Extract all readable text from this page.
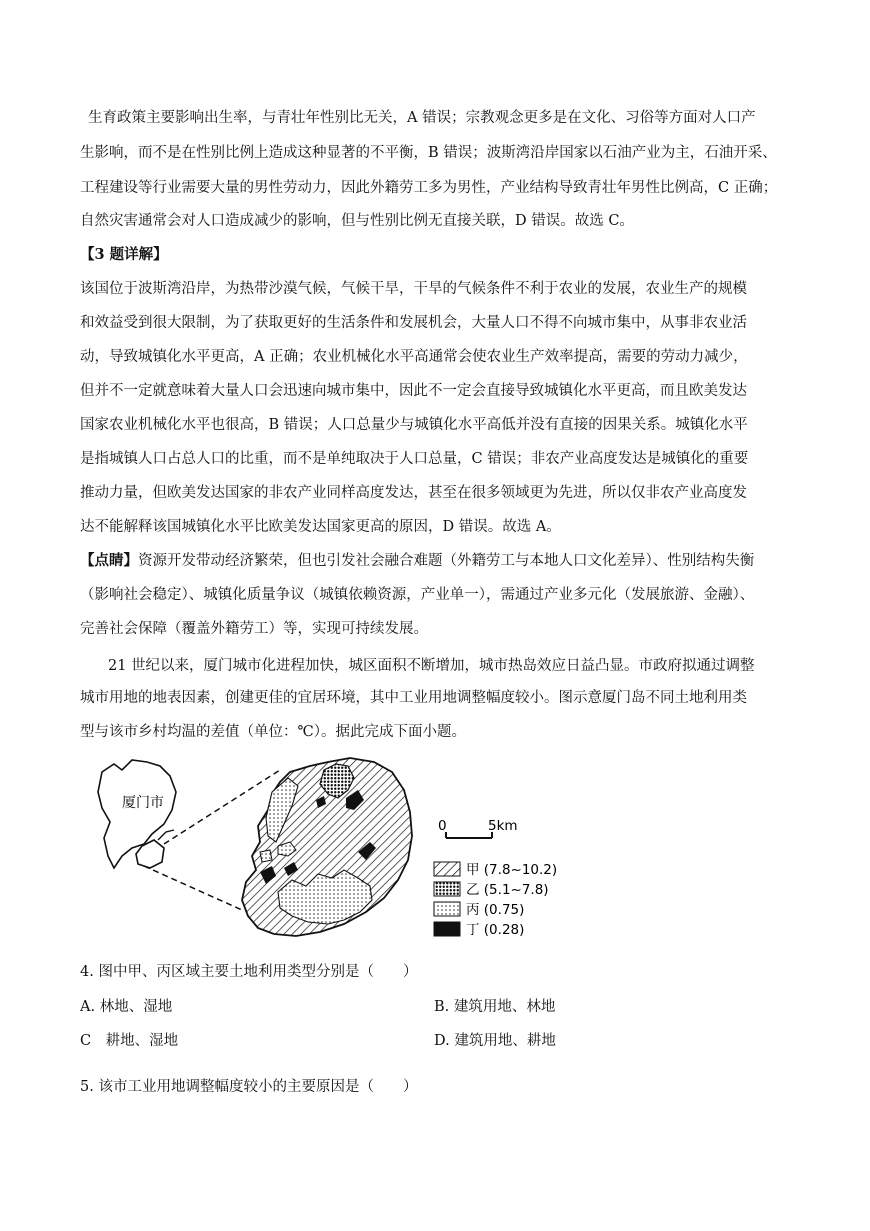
生育政策主要影响出生率，与青壮年性别比无关，A 错误；宗教观念更多是在文化、习俗等方面对人口产
生影响，而不是在性别比例上造成这种显著的不平衡，B 错误；波斯湾沿岸国家以石油产业为主，石油开采、
工程建设等行业需要大量的男性劳动力，因此外籍劳工多为男性，产业结构导致青壮年男性比例高，C 正确；
自然灾害通常会对人口造成减少的影响，但与性别比例无直接关联，D 错误。故选 C。
【3 题详解】
该国位于波斯湾沿岸，为热带沙漠气候，气候干旱，干旱的气候条件不利于农业的发展，农业生产的规模
和效益受到很大限制，为了获取更好的生活条件和发展机会，大量人口不得不向城市集中，从事非农业活
动，导致城镇化水平更高，A 正确；农业机械化水平高通常会使农业生产效率提高，需要的劳动力减少，
但并不一定就意味着大量人口会迅速向城市集中，因此不一定会直接导致城镇化水平更高，而且欧美发达
国家农业机械化水平也很高，B 错误；人口总量少与城镇化水平高低并没有直接的因果关系。城镇化水平
是指城镇人口占总人口的比重，而不是单纯取决于人口总量，C 错误；非农产业高度发达是城镇化的重要
推动力量，但欧美发达国家的非农产业同样高度发达，甚至在很多领域更为先进，所以仅非农产业高度发
达不能解释该国城镇化水平比欧美发达国家更高的原因，D 错误。故选 A。
【点睛】资源开发带动经济繁荣，但也引发社会融合难题（外籍劳工与本地人口文化差异）、性别结构失衡
（影响社会稳定）、城镇化质量争议（城镇依赖资源，产业单一），需通过产业多元化（发展旅游、金融）、
完善社会保障（覆盖外籍劳工）等，实现可持续发展。
21 世纪以来，厦门城市化进程加快，城区面积不断增加，城市热岛效应日益凸显。市政府拟通过调整
城市用地的地表因素，创建更佳的宜居环境，其中工业用地调整幅度较小。图示意厦门岛不同土地利用类
型与该市乡村均温的差值（单位：℃）。据此完成下面小题。
厦门市
0	5km
甲 (7.8~10.2)
乙 (5.1~7.8)
丙 (0.75)
丁 (0.28)
4. 图中甲、丙区域主要土地利用类型分别是（　　）
A. 林地、湿地	B. 建筑用地、林地
C　耕地、湿地	D. 建筑用地、耕地
5. 该市工业用地调整幅度较小的主要原因是（　　）
